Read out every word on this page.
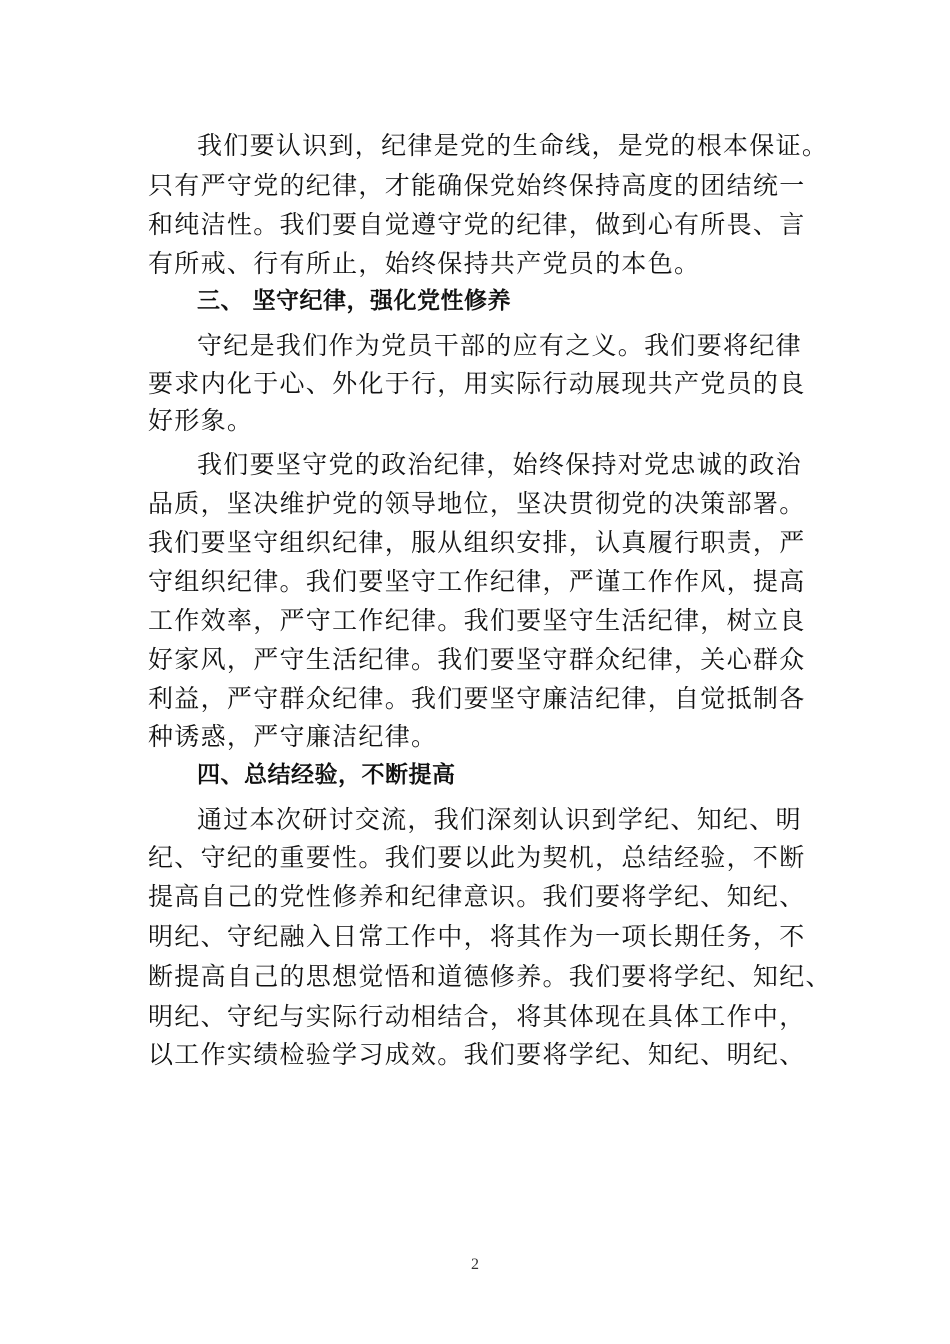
我们要认识到，纪律是党的生命线，是党的根本保证。
只有严守党的纪律，才能确保党始终保持高度的团结统一
和纯洁性。我们要自觉遵守党的纪律，做到心有所畏、言
有所戒、行有所止，始终保持共产党员的本色。
三、 坚守纪律，强化党性修养
守纪是我们作为党员干部的应有之义。我们要将纪律
要求内化于心、外化于行，用实际行动展现共产党员的良
好形象。
我们要坚守党的政治纪律，始终保持对党忠诚的政治
品质，坚决维护党的领导地位，坚决贯彻党的决策部署。
我们要坚守组织纪律，服从组织安排，认真履行职责，严
守组织纪律。我们要坚守工作纪律，严谨工作作风，提高
工作效率，严守工作纪律。我们要坚守生活纪律，树立良
好家风，严守生活纪律。我们要坚守群众纪律，关心群众
利益，严守群众纪律。我们要坚守廉洁纪律，自觉抵制各
种诱惑，严守廉洁纪律。
四、总结经验，不断提高
通过本次研讨交流，我们深刻认识到学纪、知纪、明
纪、守纪的重要性。我们要以此为契机，总结经验，不断
提高自己的党性修养和纪律意识。我们要将学纪、知纪、
明纪、守纪融入日常工作中，将其作为一项长期任务，不
断提高自己的思想觉悟和道德修养。我们要将学纪、知纪、
明纪、守纪与实际行动相结合，将其体现在具体工作中，
以工作实绩检验学习成效。我们要将学纪、知纪、明纪、
2
